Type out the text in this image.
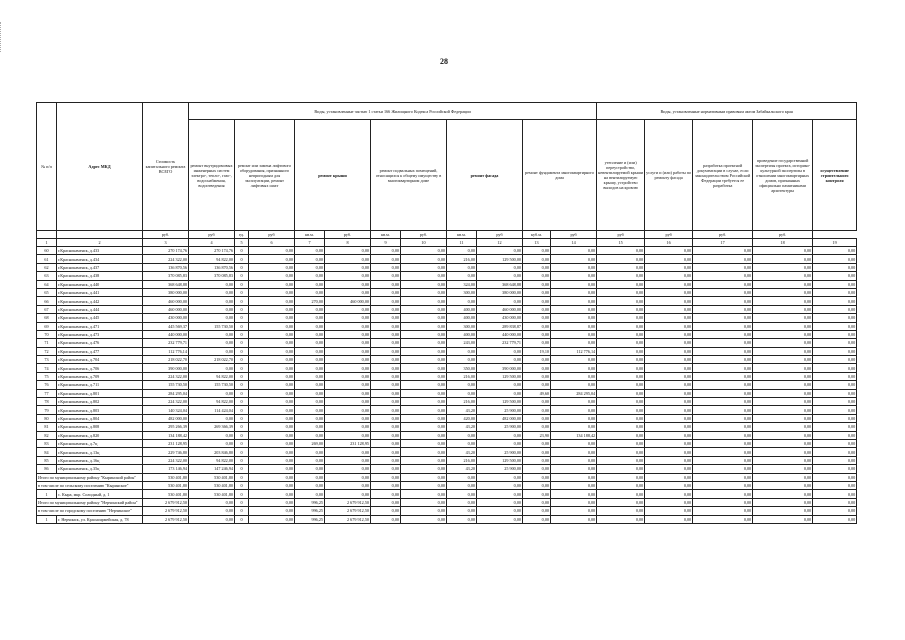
28
№ п/п	Адрес МКД	Стоимость капитального ремонта ВСЕГО	Виды, установленные частью 1 статьи 166 Жилищного Кодекса Российской Федерации											Виды, установленные нормативным правовым актом Забайкальского края				
			ремонт внутридомовых инженерных систем электро-, тепло-, газо-, водоснабжения, водоотведения	ремонт или замена лифтового оборудования, признанного непригодным для эксплуатации, ремонт лифтовых шахт		ремонт крыши		ремонт подвальных помещений, относящихся к общему имуществу в многоквартирном доме		ремонт фасада		ремонт фундамента многоквартирного дома		утепление и (или) переустройство, невентилируемой крыши на вентилируемую крышу, устройство выходов на кровлю	услуги и (или) работы по ремонту фасада	разработка проектной документации в случае, если законодательством Российской Федерации требуется ее разработка	проведение государственной экспертизы проекта, историко-культурной экспертизы в отношении многоквартирных домов, признанных официально памятниками архитектуры	осуществление строительного контроля
		руб.	руб	ед.	руб	кв.м.	руб.	кв.м.	руб.	кв.м.	руб	куб.м.	руб	руб	руб	руб.	руб.	
1	2	3	4	5	6	7	8	9	10	11	12	13	14	15	16	17	18	19
60	г.Краснокаменск, д.433	270 174,76	270 174,76	0	0,00	0,00	0,00	0,00	0,00	0,00	0,00	0,00	0,00	0,00	0,00	0,00	0,00	0,00
61	г.Краснокаменск, д.434	224 322,00	94 822,00	0	0,00	0,00	0,00	0,00	0,00	216,00	129 500,00	0,00	0,00	0,00	0,00	0,00	0,00	0,00
62	г.Краснокаменск, д.437	136 870,56	136 870,56	0	0,00	0,00	0,00	0,00	0,00	0,00	0,00	0,00	0,00	0,00	0,00	0,00	0,00	0,00
63	г.Краснокаменск, д.438	370 085,83	370 085,83	0	0,00	0,00	0,00	0,00	0,00	0,00	0,00	0,00	0,00	0,00	0,00	0,00	0,00	0,00
64	г.Краснокаменск, д.440	368 648,88	0,00	0	0,00	0,00	0,00	0,00	0,00	324,00	368 648,88	0,00	0,00	0,00	0,00	0,00	0,00	0,00
65	г.Краснокаменск, д.441	380 000,00	0,00	0	0,00	0,00	0,00	0,00	0,00	300,00	380 000,00	0,00	0,00	0,00	0,00	0,00	0,00	0,00
66	г.Краснокаменск, д.442	460 000,00	0,00	0	0,00	270,00	460 000,00	0,00	0,00	0,00	0,00	0,00	0,00	0,00	0,00	0,00	0,00	0,00
67	г.Краснокаменск, д.444	460 000,00	0,00	0	0,00	0,00	0,00	0,00	0,00	400,00	460 000,00	0,00	0,00	0,00	0,00	0,00	0,00	0,00
68	г.Краснокаменск, д.445	430 000,00	0,00	0	0,00	0,00	0,00	0,00	0,00	400,00	430 000,00	0,00	0,00	0,00	0,00	0,00	0,00	0,00
69	г.Краснокаменск, д.471	445 569,37	155 730,50	0	0,00	0,00	0,00	0,00	0,00	300,00	289 838,87	0,00	0,00	0,00	0,00	0,00	0,00	0,00
70	г.Краснокаменск, д.473	440 000,00	0,00	0	0,00	0,00	0,00	0,00	0,00	400,00	440 000,00	0,00	0,00	0,00	0,00	0,00	0,00	0,00
71	г.Краснокаменск, д.476	232 779,71	0,00	0	0,00	0,00	0,00	0,00	0,00	243,00	232 779,71	0,00	0,00	0,00	0,00	0,00	0,00	0,00
72	г.Краснокаменск, д.477	112 776,14	0,00	0	0,00	0,00	0,00	0,00	0,00	0,00	0,00	19,10	112 776,14	0,00	0,00	0,00	0,00	0,00
73	г.Краснокаменск, д.704	218 022,70	218 022,70	0	0,00	0,00	0,00	0,00	0,00	0,00	0,00	0,00	0,00	0,00	0,00	0,00	0,00	0,00
74	г.Краснокаменск, д.706	390 000,00	0,00	0	0,00	0,00	0,00	0,00	0,00	350,00	390 000,00	0,00	0,00	0,00	0,00	0,00	0,00	0,00
75	г.Краснокаменск, д.709	224 322,00	94 822,00	0	0,00	0,00	0,00	0,00	0,00	216,00	129 500,00	0,00	0,00	0,00	0,00	0,00	0,00	0,00
76	г.Краснокаменск, д.711	155 730,50	155 730,50	0	0,00	0,00	0,00	0,00	0,00	0,00	0,00	0,00	0,00	0,00	0,00	0,00	0,00	0,00
77	г.Краснокаменск, д.801	284 295,04	0,00	0	0,00	0,00	0,00	0,00	0,00	0,00	0,00	49,60	284 295,04	0,00	0,00	0,00	0,00	0,00
78	г.Краснокаменск, д.802	224 322,00	94 822,00	0	0,00	0,00	0,00	0,00	0,00	216,00	129 500,00	0,00	0,00	0,00	0,00	0,00	0,00	0,00
79	г.Краснокаменск, д.803	140 324,04	114 424,04	0	0,00	0,00	0,00	0,00	0,00	43,20	25 900,00	0,00	0,00	0,00	0,00	0,00	0,00	0,00
80	г.Краснокаменск, д.804	482 000,00	0,00	0	0,00	0,00	0,00	0,00	0,00	420,00	482 000,00	0,00	0,00	0,00	0,00	0,00	0,00	0,00
81	г.Краснокаменск, д.808	295 266,39	269 366,39	0	0,00	0,00	0,00	0,00	0,00	43,20	25 900,00	0,00	0,00	0,00	0,00	0,00	0,00	0,00
82	г.Краснокаменск, д.820	134 188,42	0,00	0	0,00	0,00	0,00	0,00	0,00	0,00	0,00	23,90	134 188,42	0,00	0,00	0,00	0,00	0,00
83	г.Краснокаменск, д.7ц	231 128,95	0,00	0	0,00	269,00	231 128,95	0,00	0,00	0,00	0,00	0,00	0,00	0,00	0,00	0,00	0,00	0,00
84	г.Краснокаменск, д.13ц	229 746,80	203 846,80	0	0,00	0,00	0,00	0,00	0,00	43,20	25 900,00	0,00	0,00	0,00	0,00	0,00	0,00	0,00
85	г.Краснокаменск, д.16ц	224 322,00	94 822,00	0	0,00	0,00	0,00	0,00	0,00	216,00	129 500,00	0,00	0,00	0,00	0,00	0,00	0,00	0,00
86	г.Краснокаменск, д.35ц	173 146,94	147 246,94	0	0,00	0,00	0,00	0,00	0,00	43,20	25 900,00	0,00	0,00	0,00	0,00	0,00	0,00	0,00
Итого по муниципальному району "Кыринский район"		530 401,80	530 401,80	0	0,00	0,00	0,00	0,00	0,00	0,00	0,00	0,00	0,00	0,00	0,00	0,00	0,00	0,00
в том числе по сельскому поселению "Кыринское"		530 401,80	530 401,80	0	0,00	0,00	0,00	0,00	0,00	0,00	0,00	0,00	0,00	0,00	0,00	0,00	0,00	0,00
1	с. Кыра, мкр. Солидный, д. 1	530 401,80	530 401,80	0	0,00	0,00	0,00	0,00	0,00	0,00	0,00	0,00	0,00	0,00	0,00	0,00	0,00	0,00
Итого по муниципальному району "Нерчинский район"		2 679 912,50	0,00	0	0,00	996,25	2 679 912,50	0,00	0,00	0,00	0,00	0,00	0,00	0,00	0,00	0,00	0,00	0,00
в том числе по городскому поселению "Нерчинское"		2 679 912,50	0,00	0	0,00	996,25	2 679 912,50	0,00	0,00	0,00	0,00	0,00	0,00	0,00	0,00	0,00	0,00	0,00
1	г. Нерчинск, ул. Красноармейская, д. 78	2 679 912,50	0,00	0	0,00	996,25	2 679 912,50	0,00	0,00	0,00	0,00	0,00	0,00	0,00	0,00	0,00	0,00	0,00
